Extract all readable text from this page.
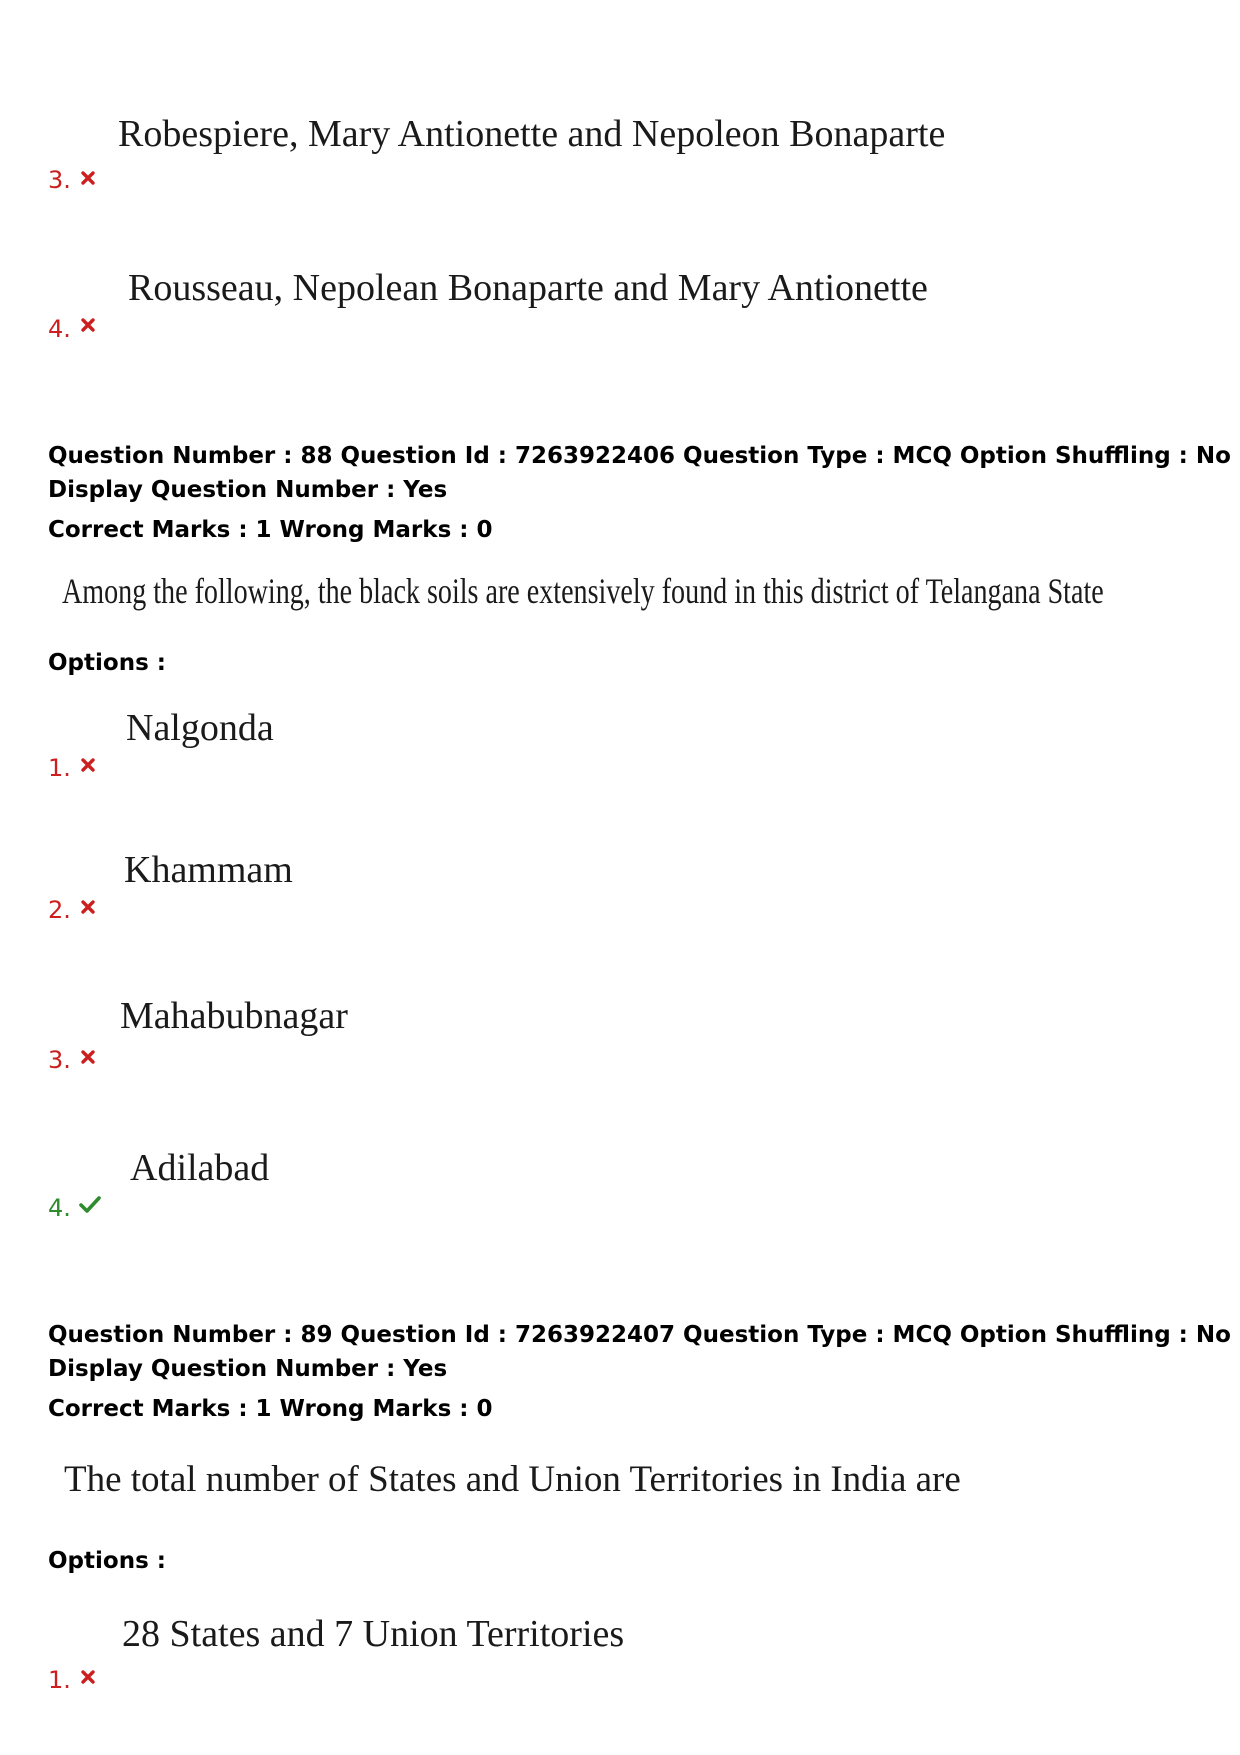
Robespiere, Mary Antionette and Nepoleon Bonaparte
3.
Rousseau, Nepolean Bonaparte and Mary Antionette
4.
Question Number : 88 Question Id : 7263922406 Question Type : MCQ Option Shuffling : No
Display Question Number : Yes
Correct Marks : 1 Wrong Marks : 0
Among the following, the black soils are extensively found in this district of Telangana State
Options :
Nalgonda
1.
Khammam
2.
Mahabubnagar
3.
Adilabad
4.
Question Number : 89 Question Id : 7263922407 Question Type : MCQ Option Shuffling : No
Display Question Number : Yes
Correct Marks : 1 Wrong Marks : 0
The total number of States and Union Territories in India are
Options :
28 States and 7 Union Territories
1.
